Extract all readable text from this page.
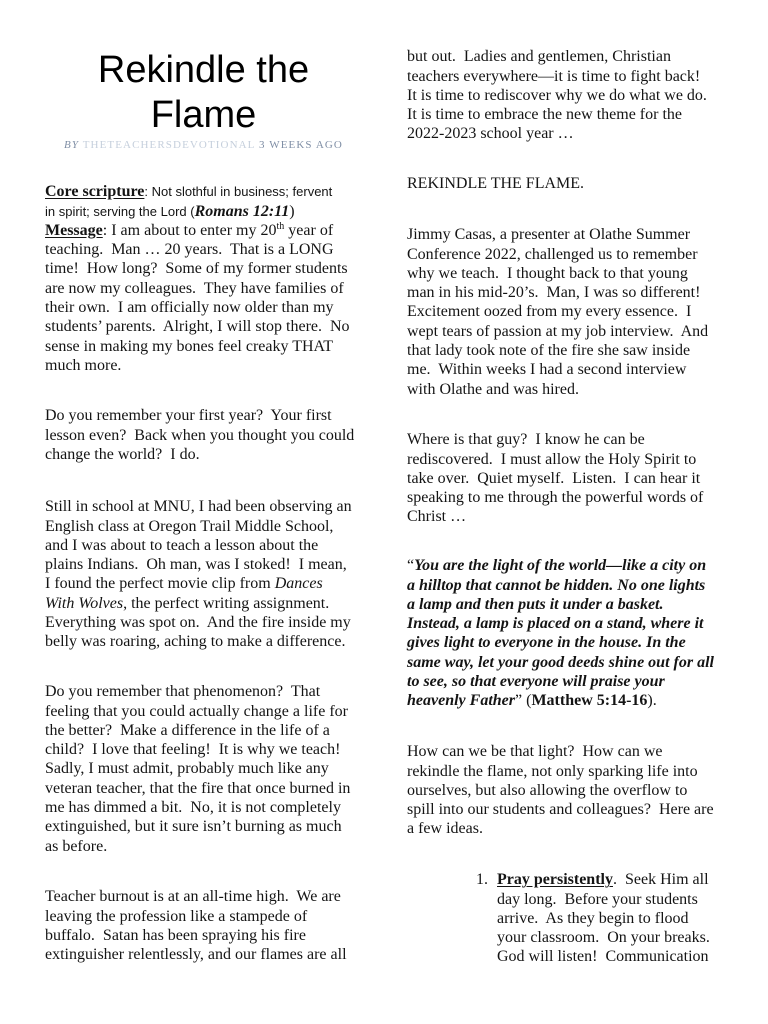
Rekindle the
Flame
BY THETEACHERSDEVOTIONAL 3 WEEKS AGO
Core scripture: Not slothful in business; fervent
in spirit; serving the Lord (Romans 12:11)
Message: I am about to enter my 20th year of
teaching.  Man … 20 years.  That is a LONG
time!  How long?  Some of my former students
are now my colleagues.  They have families of
their own.  I am officially now older than my
students’ parents.  Alright, I will stop there.  No
sense in making my bones feel creaky THAT
much more.
Do you remember your first year?  Your first
lesson even?  Back when you thought you could
change the world?  I do.
Still in school at MNU, I had been observing an
English class at Oregon Trail Middle School,
and I was about to teach a lesson about the
plains Indians.  Oh man, was I stoked!  I mean,
I found the perfect movie clip from Dances
With Wolves, the perfect writing assignment.
Everything was spot on.  And the fire inside my
belly was roaring, aching to make a difference.
Do you remember that phenomenon?  That
feeling that you could actually change a life for
the better?  Make a difference in the life of a
child?  I love that feeling!  It is why we teach!
Sadly, I must admit, probably much like any
veteran teacher, that the fire that once burned in
me has dimmed a bit.  No, it is not completely
extinguished, but it sure isn’t burning as much
as before.
Teacher burnout is at an all-time high.  We are
leaving the profession like a stampede of
buffalo.  Satan has been spraying his fire
extinguisher relentlessly, and our flames are all
but out.  Ladies and gentlemen, Christian
teachers everywhere—it is time to fight back!
It is time to rediscover why we do what we do.
It is time to embrace the new theme for the
2022-2023 school year …
REKINDLE THE FLAME.
Jimmy Casas, a presenter at Olathe Summer
Conference 2022, challenged us to remember
why we teach.  I thought back to that young
man in his mid-20’s.  Man, I was so different!
Excitement oozed from my every essence.  I
wept tears of passion at my job interview.  And
that lady took note of the fire she saw inside
me.  Within weeks I had a second interview
with Olathe and was hired.
Where is that guy?  I know he can be
rediscovered.  I must allow the Holy Spirit to
take over.  Quiet myself.  Listen.  I can hear it
speaking to me through the powerful words of
Christ …
“You are the light of the world—like a city on
a hilltop that cannot be hidden. No one lights
a lamp and then puts it under a basket.
Instead, a lamp is placed on a stand, where it
gives light to everyone in the house. In the
same way, let your good deeds shine out for all
to see, so that everyone will praise your
heavenly Father” (Matthew 5:14-16).
How can we be that light?  How can we
rekindle the flame, not only sparking life into
ourselves, but also allowing the overflow to
spill into our students and colleagues?  Here are
a few ideas.
1. Pray persistently.  Seek Him all
day long.  Before your students
arrive.  As they begin to flood
your classroom.  On your breaks.
God will listen!  Communication
